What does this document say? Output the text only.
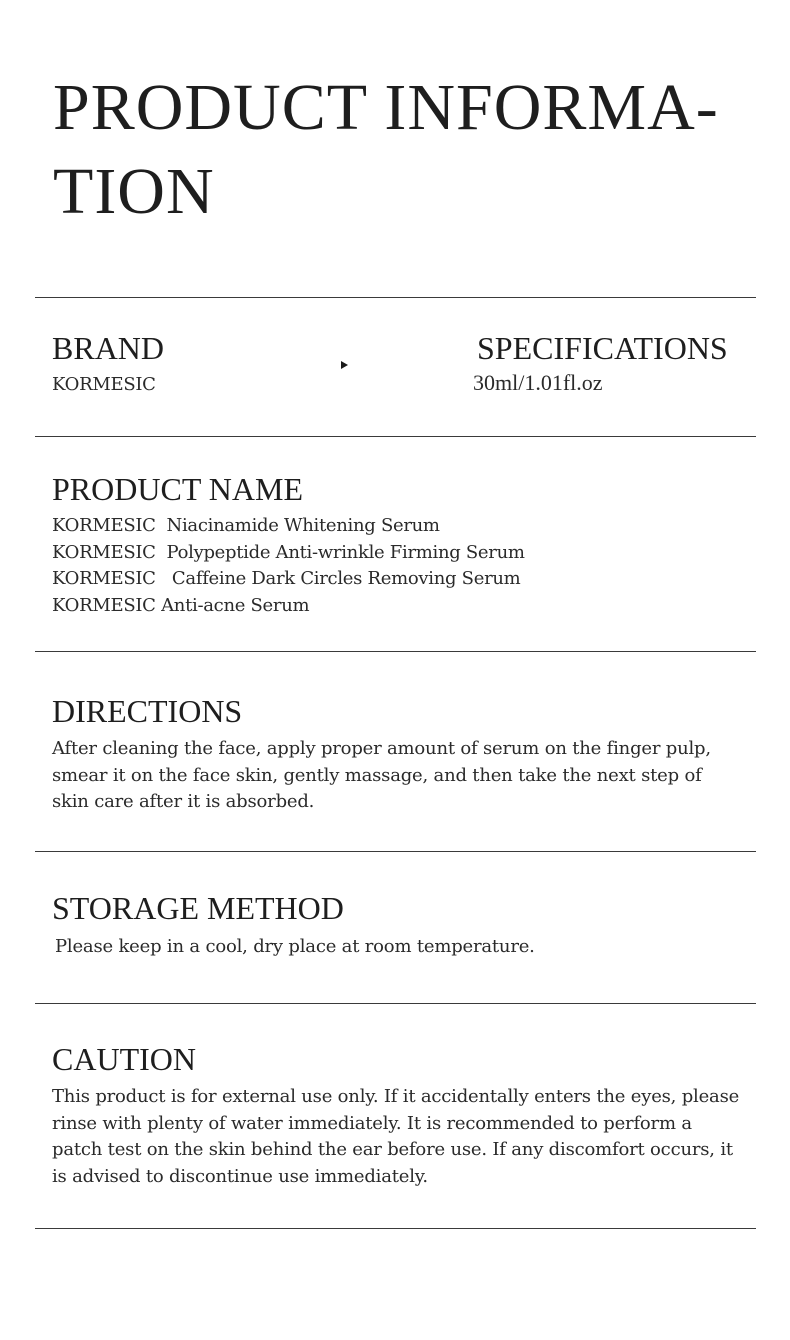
PRODUCT INFORMA- TION
BRAND

KORMESIC

SPECIFICATIONS

30ml/1.01fl.oz

PRODUCT NAME
KORMESIC  Niacinamide Whitening Serum
KORMESIC  Polypeptide Anti-wrinkle Firming Serum
KORMESIC   Caffeine Dark Circles Removing Serum
KORMESIC Anti-acne Serum
DIRECTIONS

After cleaning the face, apply proper amount of serum on the finger pulp, smear it on the face skin, gently massage, and then take the next step of skin care after it is absorbed.

STORAGE METHOD

Please keep in a cool, dry place at room temperature.

CAUTION

This product is for external use only. If it accidentally enters the eyes, please rinse with plenty of water immediately. It is recommended to perform a patch test on the skin behind the ear before use. If any discomfort occurs, it is advised to discontinue use immediately.
